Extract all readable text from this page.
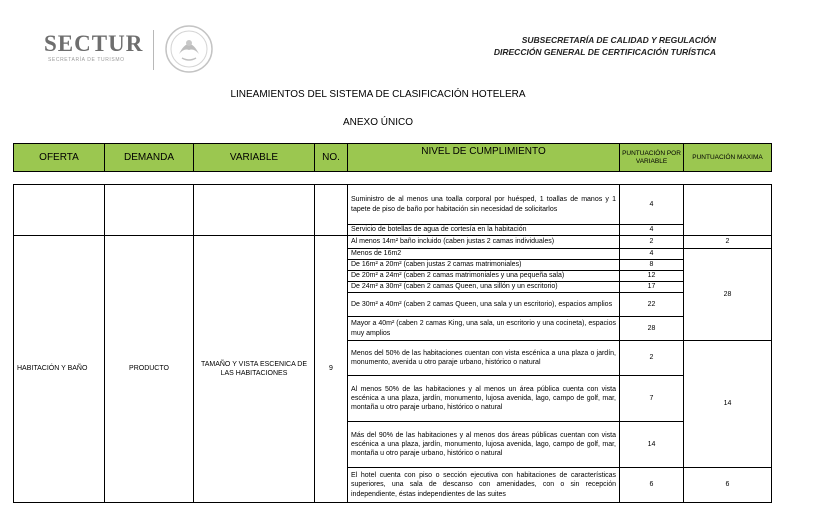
SECTUR
SECRETARÍA DE TURISMO
SUBSECRETARÍA DE CALIDAD Y REGULACIÓN
DIRECCIÓN GENERAL DE CERTIFICACIÓN TURÍSTICA
LINEAMIENTOS DEL SISTEMA DE CLASIFICACIÓN HOTELERA
ANEXO ÚNICO
OFERTA	DEMANDA	VARIABLE	NO.	NIVEL DE CUMPLIMIENTO	PUNTUACIÓN POR VARIABLE	PUNTUACIÓN MAXIMA
				Suministro de al menos una toalla corporal por huésped, 1 toallas de manos y 1 tapete de piso de baño por habitación sin necesidad de solicitarlos	4	
				Servicio de botellas de agua de cortesía en la habitación	4	
HABITACIÓN Y BAÑO	PRODUCTO	TAMAÑO Y VISTA ESCENICA DE LAS HABITACIONES	9	Al menos 14m² baño incluido (caben justas 2 camas individuales)	2	2
				Menos de 16m2	4	28
				De 16m² a 20m² (caben justas 2 camas matrimoniales)	8	
				De 20m² a 24m² (caben 2 camas matrimoniales y una pequeña sala)	12	
				De 24m² a 30m² (caben 2 camas Queen, una sillón y un escritorio)	17	
				De 30m² a 40m² (caben 2 camas Queen, una sala y un escritorio), espacios amplios	22	
				Mayor a 40m² (caben 2 camas King, una sala, un escritorio y una cocineta), espacios muy amplios	28	
				Menos del 50% de las habitaciones cuentan con vista escénica a una plaza o jardín, monumento, avenida u otro paraje urbano, histórico o natural	2	14
				Al menos 50% de las habitaciones y al menos un área pública cuenta con vista escénica a una plaza, jardín, monumento, lujosa avenida, lago, campo de golf, mar, montaña u otro paraje urbano, histórico o natural	7	
				Más del 90% de las habitaciones y al menos dos áreas públicas cuentan con vista escénica a una plaza, jardín, monumento, lujosa avenida, lago, campo de golf, mar, montaña u otro paraje urbano, histórico o natural	14	
				El hotel cuenta con piso o sección ejecutiva con habitaciones de características superiores, una sala de descanso con amenidades, con o sin recepción independiente, éstas independientes de las suites	6	6
